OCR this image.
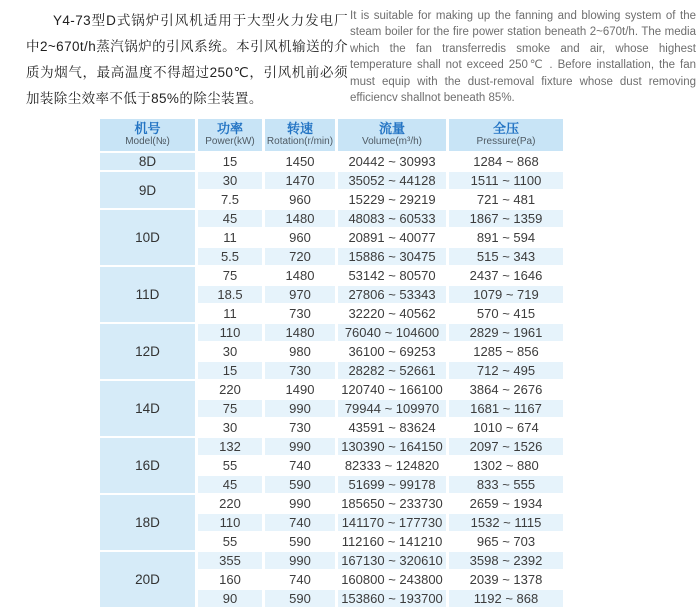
Y4-73型D式锅炉引风机适用于大型火力发电厂中2~670t/h蒸汽锅炉的引风系统。本引风机输送的介质为烟气，最高温度不得超过250℃，引风机前必须加装除尘效率不低于85%的除尘装置。

It is suitable for making up the fanning and blowing system of the steam boiler for the fire power station beneath 2~670t/h. The media which the fan transferredis smoke and air, whose highest temperature shall not exceed 250℃ . Before installation, the fan must equip with the dust-removal fixture whose dust removing efficiencv shallnot beneath 85%.

机号
Model(№)

功率
Power(kW)

转速
Rotation(r/min)

流量
Volume(m³/h)

全压
Pressure(Pa)

8D	15	1450	20442 ~ 30993	1284 ~ 868
9D	30	1470	35052 ~ 44128	1511 ~ 1100
	7.5	960	15229 ~ 29219	721 ~ 481
10D	45	1480	48083 ~ 60533	1867 ~ 1359
	11	960	20891 ~ 40077	891 ~ 594
	5.5	720	15886 ~ 30475	515 ~ 343
11D	75	1480	53142 ~ 80570	2437 ~ 1646
	18.5	970	27806 ~ 53343	1079 ~ 719
	11	730	32220 ~ 40562	570 ~ 415
12D	110	1480	76040 ~ 104600	2829 ~ 1961
	30	980	36100 ~ 69253	1285 ~ 856
	15	730	28282 ~ 52661	712 ~ 495
14D	220	1490	120740 ~ 166100	3864 ~ 2676
	75	990	79944 ~ 109970	1681 ~ 1167
	30	730	43591 ~ 83624	1010 ~ 674
16D	132	990	130390 ~ 164150	2097 ~ 1526
	55	740	82333 ~ 124820	1302 ~ 880
	45	590	51699 ~ 99178	833 ~ 555
18D	220	990	185650 ~ 233730	2659 ~ 1934
	110	740	141170 ~ 177730	1532 ~ 1115
	55	590	112160 ~ 141210	965 ~ 703
20D	355	990	167130 ~ 320610	3598 ~ 2392
	160	740	160800 ~ 243800	2039 ~ 1378
	90	590	153860 ~ 193700	1192 ~ 868
